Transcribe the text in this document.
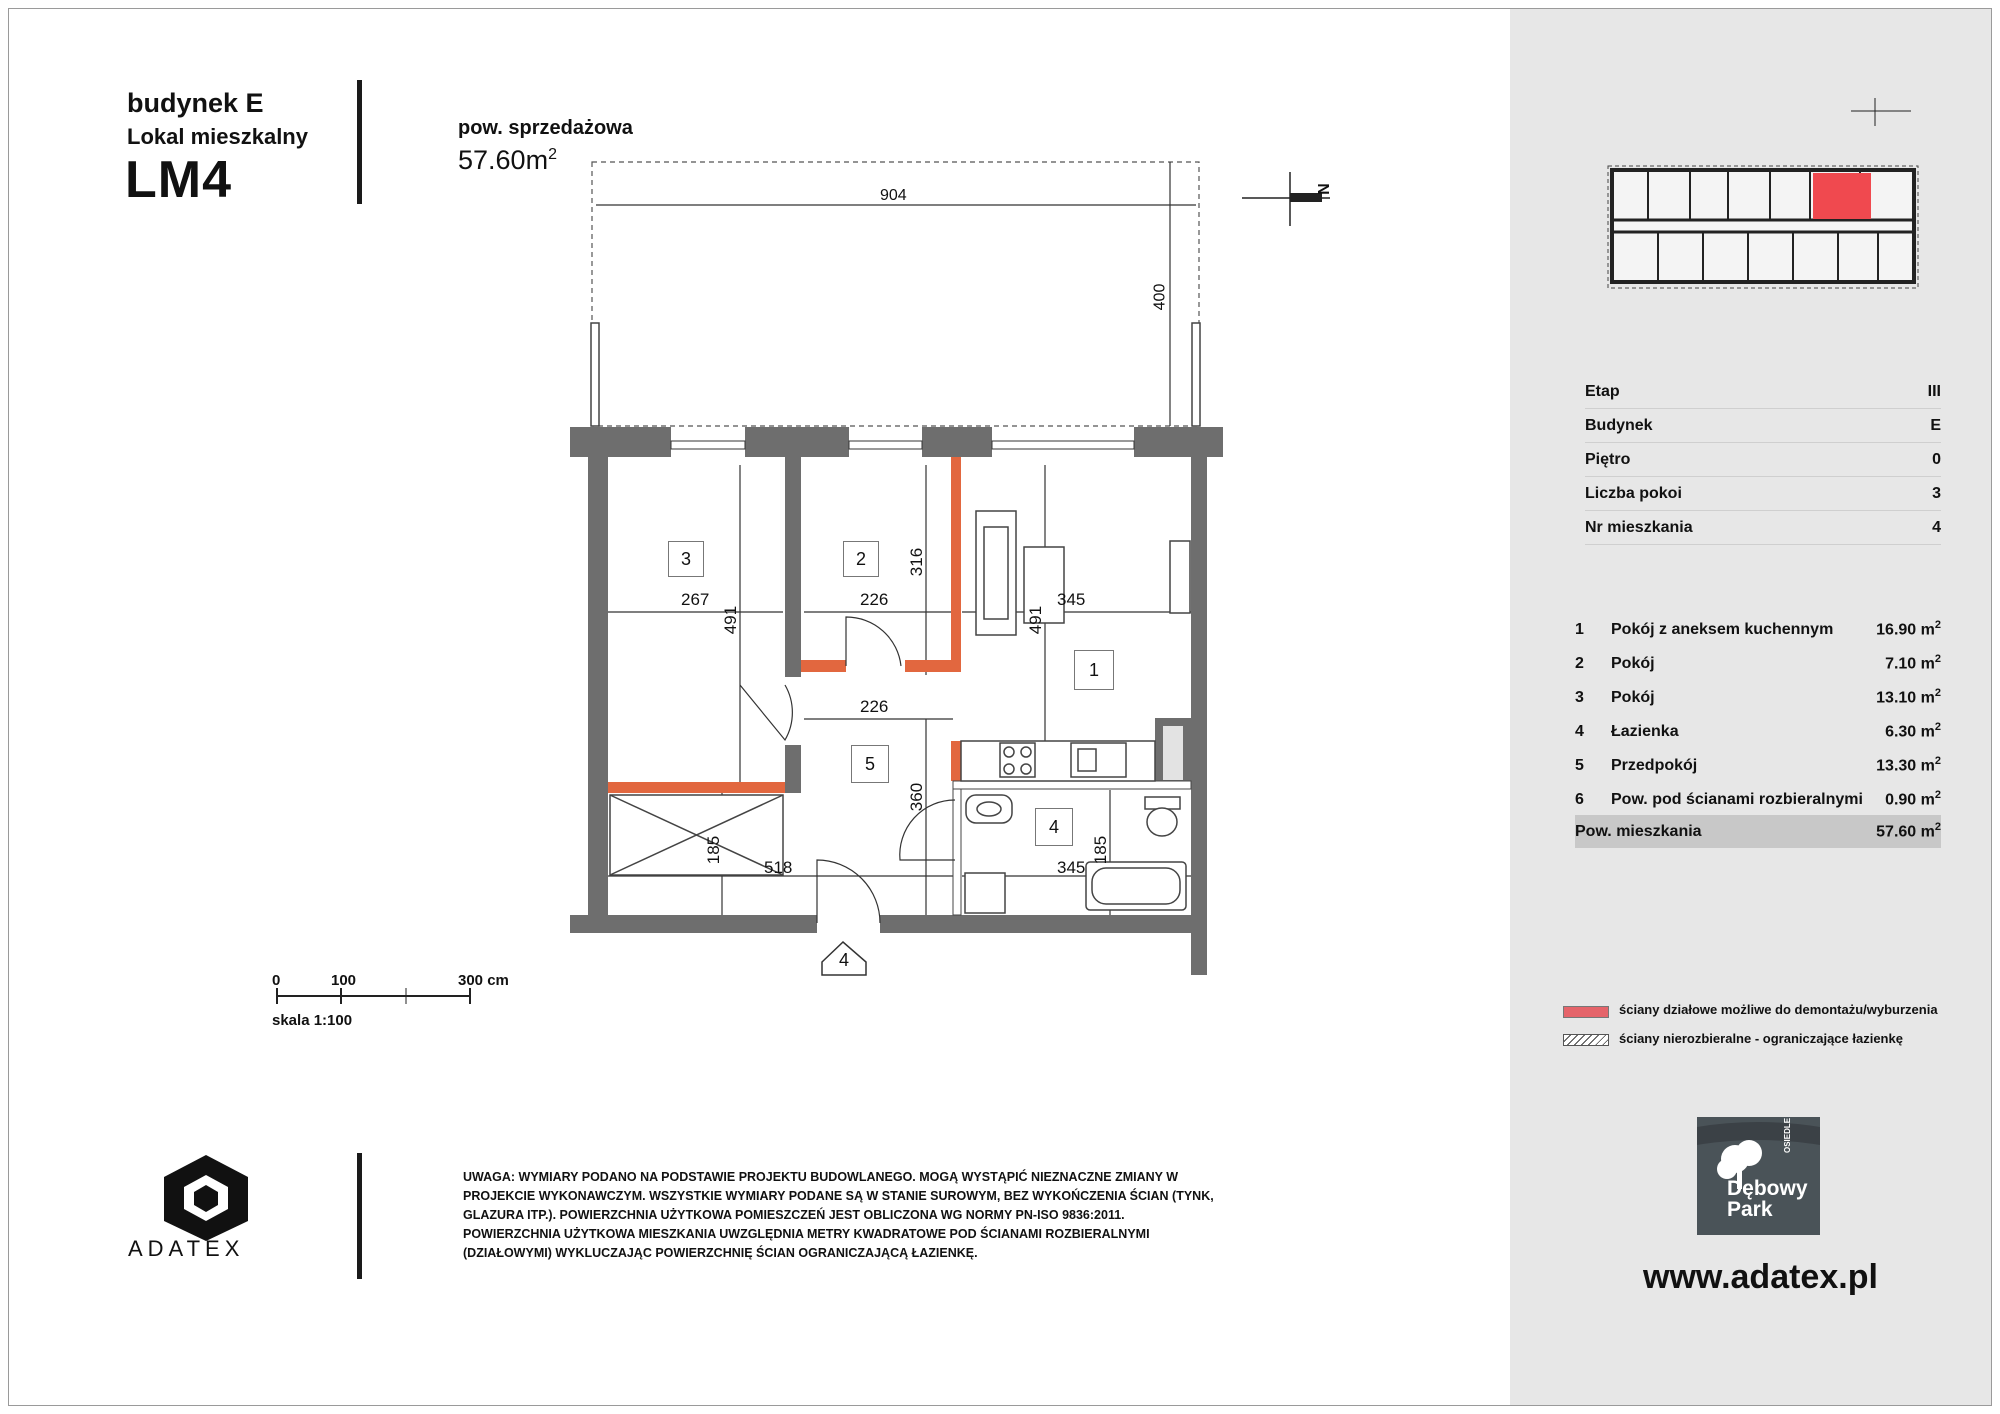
budynek E
Lokal mieszkalny
LM4
pow. sprzedażowa
$57.60m^2$
N
904
400
267
491
226
316
345
491
226
360
185
518	345
185
3	2
1
5
4
4
0	100	300 cm
skala 1:100
ADATEX
UWAGA: WYMIARY PODANO NA PODSTAWIE PROJEKTU BUDOWLANEGO. MOGĄ WYSTĄPIĆ NIEZNACZNE ZMIANY W PROJEKCIE WYKONAWCZYM. WSZYSTKIE WYMIARY PODANE SĄ W STANIE SUROWYM, BEZ WYKOŃCZENIA ŚCIAN (TYNK, GLAZURA ITP.). POWIERZCHNIA UŻYTKOWA POMIESZCZEŃ JEST OBLICZONA WG NORMY PN-ISO 9836:2011. POWIERZCHNIA UŻYTKOWA MIESZKANIA UWZGLĘDNIA METRY KWADRATOWE POD ŚCIANAMI ROZBIERALNYMI (DZIAŁOWYMI) WYKLUCZAJĄC POWIERZCHNIĘ ŚCIAN OGRANICZAJĄCĄ ŁAZIENKĘ.
Etap	III
Budynek	E
Piętro	0
Liczba pokoi	3
Nr mieszkania	4
1	Pokój z aneksem kuchennym	16.90 $m^2$
2	Pokój	7.10 $m^2$
3	Pokój	13.10 $m^2$
4	Łazienka	6.30 $m^2$
5	Przedpokój	13.30 $m^2$
6	Pow. pod ścianami rozbieralnymi	0.90 $m^2$
Pow. mieszkania	57.60 $m^2$
ściany działowe możliwe do demontażu/wyburzenia
ściany nierozbieralne - ograniczające łazienkę
OSIEDLE
Dębowy
Park
www.adatex.pl
